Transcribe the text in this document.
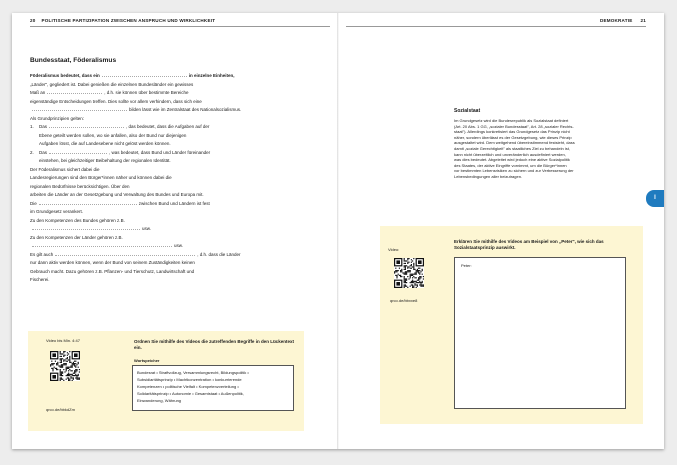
20 POLITISCHE PARTIZIPATION ZWISCHEN ANSPRUCH UND WIRKLICHKEIT	DEMOKRATIE 21
Bundesstaat, Föderalismus
Föderalismus bedeutet, dass ein	in einzelne Einheiten,
„Länder", gegliedert ist. Dabei genießen die einzelnen Bundesländer ein gewisses
Maß an	, d.h. sie können über bestimmte Bereiche
eigenständige Entscheidungen treffen. Dies sollte vor allem verhindern, dass sich eine
bilden lässt wie im Zentralstaat des Nationalsozialismus.
Als Grundprinzipien gelten:
1. Das	, das bedeutet, dass die Aufgaben auf der
Ebene geteilt werden sollen, wo sie anfallen, also der Bund nur diejenigen
Aufgaben lösst, die auf Landesebene nicht gelöst werden können.
2. Das	, was bedeutet, dass Bund und Länder füreinander
einstehen, bei gleichzeitiger Beibehaltung der regionalen Identität.
Der Föderalismus sichert dabei die
Landesregierungen sind den Bürger*innen näher und können dabei die
regionalen Bedürfnisse berücksichtigen. Über den
arbeiten die Länder an der Gesetzgebung und Verwaltung des Bundes und Europa mit.
Die	zwischen Bund und Ländern ist fest
im Grundgesetz verankert.
Zu den Kompetenzen des Bundes gehören z.B.
usw.
Zu den Kompetenzen der Länder gehören z.B.
usw.
Es gilt auch	, d.h. dass die Länder
nur dann aktiv werden können, wenn der Bund von seinem Zuständigkeiten keinen
Gebrauch macht. Dazu gehören z.B. Pflanzen- und Tierschutz, Landwirtschaft und
Fischerei.
Video bis Min. 4:47
qrco.de/bbkdZm
Ordnen Sie mithilfe des Videos die zutreffenden Begriffe in den Lückentext ein.
Wortspeicher
Bundesrat • Straftvollzug, Versammlungsrecht, Bildungspolitik •
Subsidiaritätsprinzip • Machtkonzentration • konkurrierende
Kompetenzen • politische Vielfalt • Kompetenzverteilung •
Solidaritätsprinzip • Autonomie • Gesamtstaat • Außenpolitik,
Einwanderung, Währung
Sozialstaat
Im Grundgesetz wird die Bundesrepublik als Sozialstaat definiert
(Art. 20 Abs. 1 GG, „sozialer Bundesstaat", Art. 28 „sozialer Rechts-
staat"). Allerdings konkretisiert das Grundgesetz das Prinzip nicht
näher, sondern überlässt es der Gesetzgebung, wie dieses Prinzip
ausgestaltet wird. Dem weitgehend übereinstimmend festsieht, dass
damit „soziale Gerechtigkeit" als staatliches Ziel zu behandeln ist,
kann nicht überzeitlich und unveränderlich ausdefiniert werden,
was dies bedeutet. Abgeleitet wird jedoch eine aktive Sozialpolitik
des Staates, der aktive Eingriffe vornimmt, um die Bürger*innen
vor bestimmten Lebensrisiken zu sichern und zur Verbesserung der
Lebensbedingungen aller beizutragen.
Erklären Sie mithilfe des Videos am Beispiel von „Peter", wie sich das Sozialstaatsprinzip auswirkt.
Video:
qrco.de/bbxxe8
Peter:
I
